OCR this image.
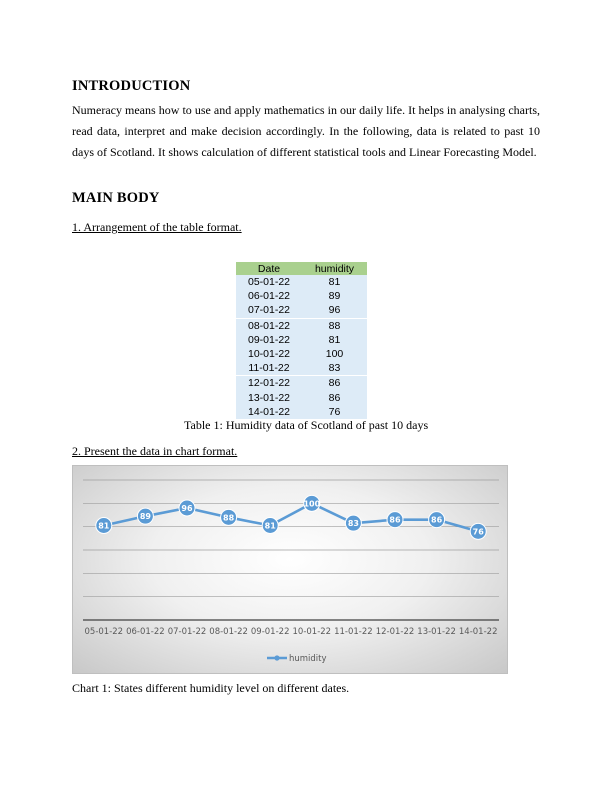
INTRODUCTION
Numeracy means how to use and apply mathematics in our daily life. It helps in analysing charts, read data, interpret and make decision accordingly. In the following, data is related to past 10 days of Scotland. It shows calculation of different statistical tools and Linear Forecasting Model.
MAIN BODY
1. Arrangement of the table format.
Date	humidity
05-01-22	81
06-01-22	89
07-01-22	96
08-01-22	88
09-01-22	81
10-01-22	100
11-01-22	83
12-01-22	86
13-01-22	86
14-01-22	76
Table 1: Humidity data of Scotland of past 10 days
2. Present the data in chart format.
81
89
96
88
81
100
83	86	86
76
05-01-22 06-01-22 07-01-22 08-01-22 09-01-22 10-01-22 11-01-22 12-01-22 13-01-22 14-01-22
humidity
Chart 1: States different humidity level on different dates.
